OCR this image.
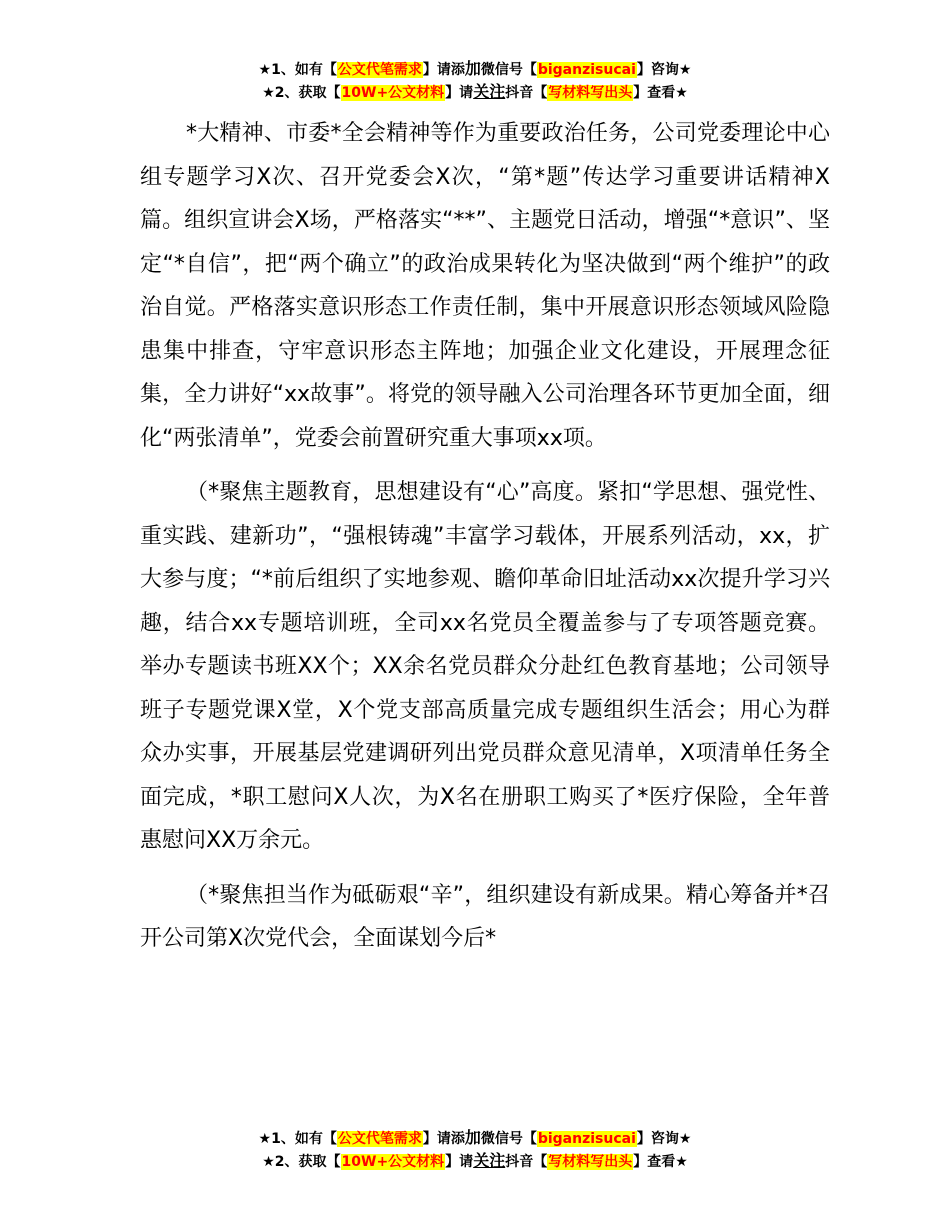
★1、如有【公文代笔需求】请添加微信号【biganzisucai】咨询★
★2、获取【10W+公文材料】请关注抖音【写材料写出头】查看★

*大精神、市委*全会精神等作为重要政治任务，公司党委理论中心组专题学习X次、召开党委会X次，“第*题”传达学习重要讲话精神X篇。组织宣讲会X场，严格落实“**”、主题党日活动，增强“*意识”、坚定“*自信”，把“两个确立”的政治成果转化为坚决做到“两个维护”的政治自觉。严格落实意识形态工作责任制，集中开展意识形态领域风险隐患集中排查，守牢意识形态主阵地；加强企业文化建设，开展理念征集，全力讲好“xx故事”。将党的领导融入公司治理各环节更加全面，细化“两张清单”，党委会前置研究重大事项xx项。

（*聚焦主题教育，思想建设有“心”高度。紧扣“学思想、强党性、重实践、建新功”，“强根铸魂”丰富学习载体，开展系列活动，xx，扩大参与度；“*前后组织了实地参观、瞻仰革命旧址活动xx次提升学习兴趣，结合xx专题培训班，全司xx名党员全覆盖参与了专项答题竞赛。举办专题读书班XX个；XX余名党员群众分赴红色教育基地；公司领导班子专题党课X堂，X个党支部高质量完成专题组织生活会；用心为群众办实事，开展基层党建调研列出党员群众意见清单，X项清单任务全面完成，*职工慰问X人次，为X名在册职工购买了*医疗保险，全年普惠慰问XX万余元。

（*聚焦担当作为砥砺艰“辛”，组织建设有新成果。精心筹备并*召开公司第X次党代会，全面谋划今后*

★1、如有【公文代笔需求】请添加微信号【biganzisucai】咨询★
★2、获取【10W+公文材料】请关注抖音【写材料写出头】查看★
